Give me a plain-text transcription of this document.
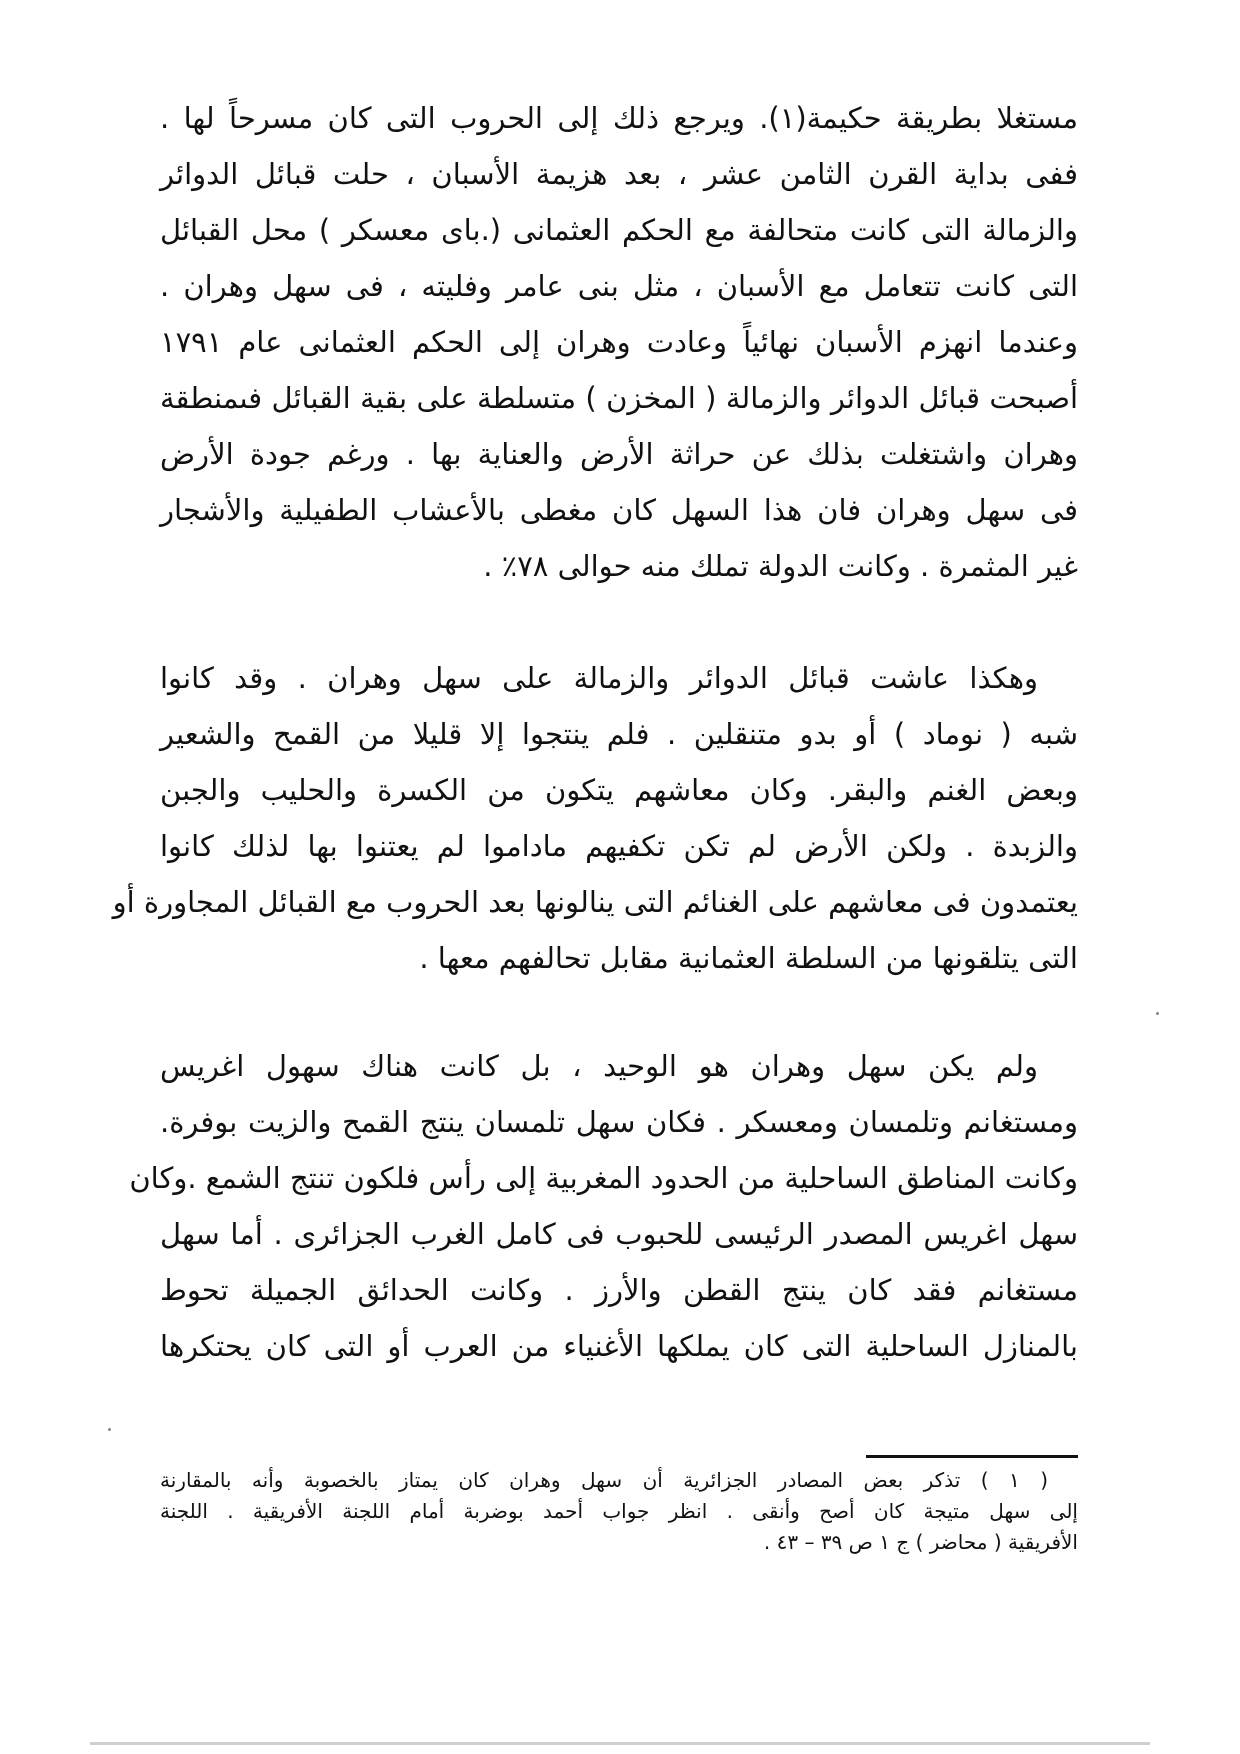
مستغلا بطريقة حكيمة(١). ويرجع ذلك إلى الحروب التى كان مسرحاً لها .
ففى بداية القرن الثامن عشر ، بعد هزيمة الأسبان ، حلت قبائل الدوائر
والزمالة التى كانت متحالفة مع الحكم العثمانى (.باى معسكر ) محل القبائل
التى كانت تتعامل مع الأسبان ، مثل بنى عامر وفليته ، فى سهل وهران .
وعندما انهزم الأسبان نهائياً وعادت وهران إلى الحكم العثمانى عام ١٧٩١
أصبحت قبائل الدوائر والزمالة ( المخزن ) متسلطة على بقية القبائل فىمنطقة
وهران واشتغلت بذلك عن حراثة الأرض والعناية بها . ورغم جودة الأرض
فى سهل وهران فان هذا السهل كان مغطى بالأعشاب الطفيلية والأشجار
غير المثمرة . وكانت الدولة تملك منه حوالى ٧٨٪ .
وهكذا عاشت قبائل الدوائر والزمالة على سهل وهران . وقد كانوا
شبه ( نوماد ) أو بدو متنقلين . فلم ينتجوا إلا قليلا من القمح والشعير
وبعض الغنم والبقر. وكان معاشهم يتكون من الكسرة والحليب والجبن
والزبدة . ولكن الأرض لم تكن تكفيهم ماداموا لم يعتنوا بها لذلك كانوا
يعتمدون فى معاشهم على الغنائم التى ينالونها بعد الحروب مع القبائل المجاورة أو
التى يتلقونها من السلطة العثمانية مقابل تحالفهم معها .
ولم يكن سهل وهران هو الوحيد ، بل كانت هناك سهول اغريس
ومستغانم وتلمسان ومعسكر . فكان سهل تلمسان ينتج القمح والزيت بوفرة.
وكانت المناطق الساحلية من الحدود المغربية إلى رأس فلكون تنتج الشمع .وكان
سهل اغريس المصدر الرئيسى للحبوب فى كامل الغرب الجزائرى . أما سهل
مستغانم فقد كان ينتج القطن والأرز . وكانت الحدائق الجميلة تحوط
بالمنازل الساحلية التى كان يملكها الأغنياء من العرب أو التى كان يحتكرها
( ١ ) تذكر بعض المصادر الجزائرية أن سهل وهران كان يمتاز بالخصوبة وأنه بالمقارنة
إلى سهل متيجة كان أصح وأنقى . انظر جواب أحمد بوضربة أمام اللجنة الأفريقية . اللجنة
الأفريقية ( محاضر ) ج ١ ص ٣٩ – ٤٣ .
